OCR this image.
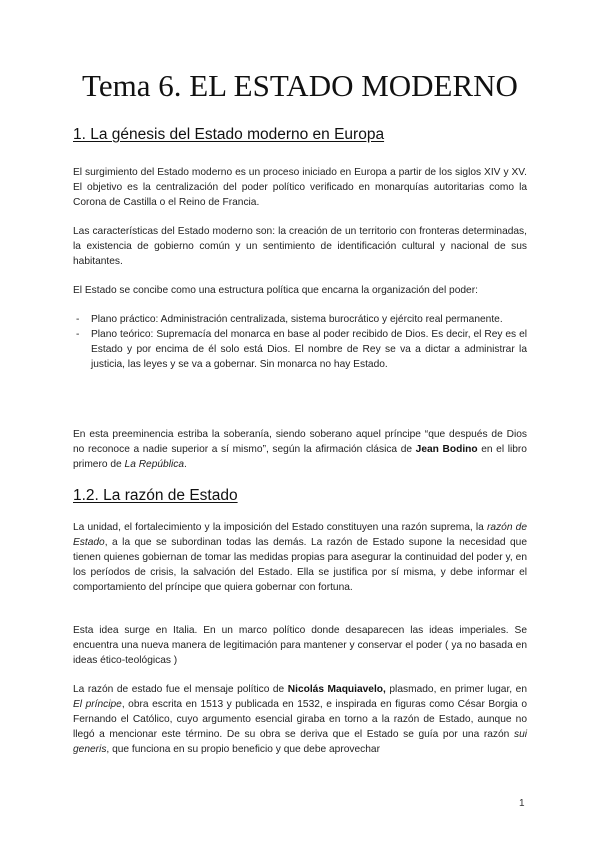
Tema 6. EL ESTADO MODERNO
1. La génesis del Estado moderno en Europa

El surgimiento del Estado moderno es un proceso iniciado en Europa a partir de los siglos XIV y XV. El objetivo es la centralización del poder político verificado en monarquías autoritarias como la Corona de Castilla o el Reino de Francia.

Las características del Estado moderno son: la creación de un territorio con fronteras determinadas, la existencia de gobierno común y un sentimiento de identificación cultural y nacional de sus habitantes.

El Estado se concibe como una estructura política que encarna la organización del poder:

- Plano práctico: Administración centralizada, sistema burocrático y ejército real permanente.
- Plano teórico: Supremacía del monarca en base al poder recibido de Dios. Es decir, el Rey es el Estado y por encima de él solo está Dios. El nombre de Rey se va a dictar a administrar la justicia, las leyes y se va a gobernar. Sin monarca no hay Estado.

En esta preeminencia estriba la soberanía, siendo soberano aquel príncipe “que después de Dios no reconoce a nadie superior a sí mismo”, según la afirmación clásica de Jean Bodino en el libro primero de La República.

1.2. La razón de Estado

La unidad, el fortalecimiento y la imposición del Estado constituyen una razón suprema, la razón de Estado, a la que se subordinan todas las demás. La razón de Estado supone la necesidad que tienen quienes gobiernan de tomar las medidas propias para asegurar la continuidad del poder y, en los períodos de crisis, la salvación del Estado. Ella se justifica por sí misma, y debe informar el comportamiento del príncipe que quiera gobernar con fortuna.

Esta idea surge en Italia. En un marco político donde desaparecen las ideas imperiales. Se encuentra una nueva manera de legitimación para mantener y conservar el poder ( ya no basada en ideas ético-teológicas )

La razón de estado fue el mensaje político de Nicolás Maquiavelo, plasmado, en primer lugar, en El príncipe, obra escrita en 1513 y publicada en 1532, e inspirada en figuras como César Borgia o Fernando el Católico, cuyo argumento esencial giraba en torno a la razón de Estado, aunque no llegó a mencionar este término. De su obra se deriva que el Estado se guía por una razón sui generis, que funciona en su propio beneficio y que debe aprovechar

1
